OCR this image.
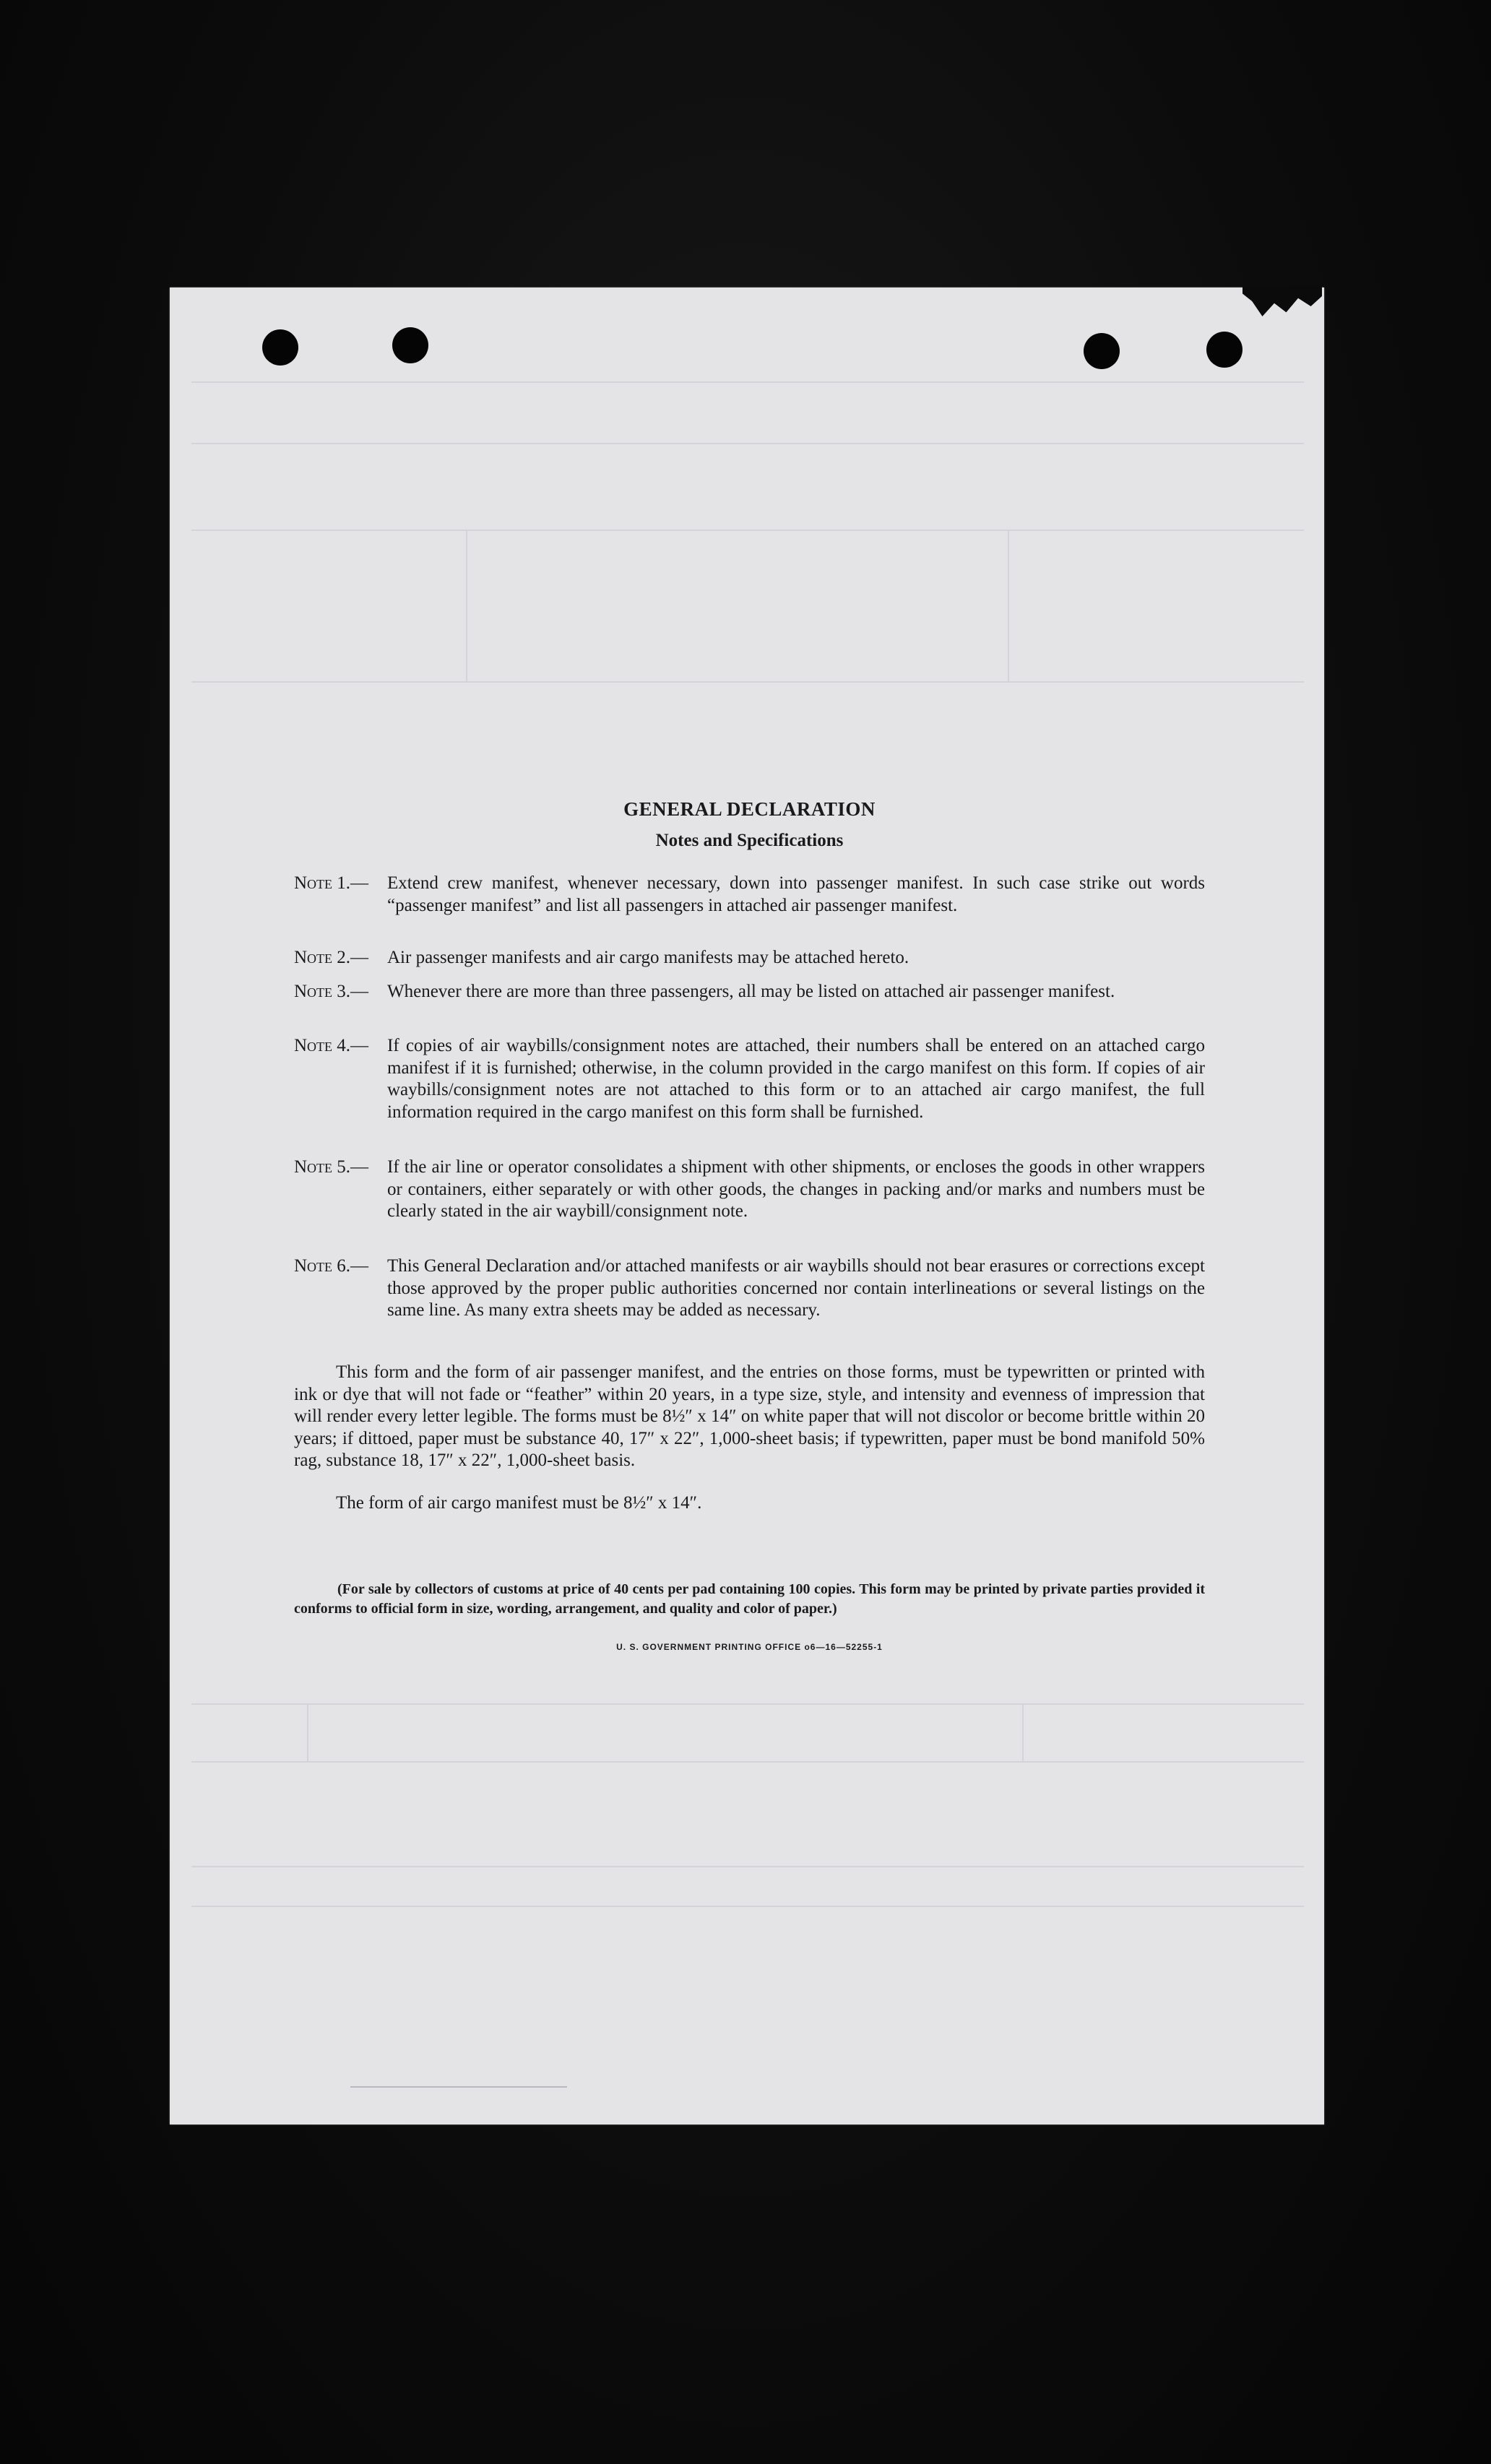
GENERAL DECLARATION
Notes and Specifications
Note 1.—	Extend crew manifest, whenever necessary, down into passenger manifest. In such case strike out words “passenger manifest” and list all passengers in attached air passenger manifest.
Note 2.—	Air passenger manifests and air cargo manifests may be attached hereto.
Note 3.—	Whenever there are more than three passengers, all may be listed on attached air passenger manifest.
Note 4.—	If copies of air waybills/consignment notes are attached, their numbers shall be entered on an attached cargo manifest if it is furnished; otherwise, in the column provided in the cargo manifest on this form. If copies of air waybills/consignment notes are not attached to this form or to an attached air cargo manifest, the full information required in the cargo manifest on this form shall be furnished.
Note 5.—	If the air line or operator consolidates a shipment with other shipments, or encloses the goods in other wrappers or containers, either separately or with other goods, the changes in packing and/or marks and numbers must be clearly stated in the air waybill/consignment note.
Note 6.—	This General Declaration and/or attached manifests or air waybills should not bear erasures or corrections except those approved by the proper public authorities concerned nor contain interlineations or several listings on the same line. As many extra sheets may be added as necessary.
This form and the form of air passenger manifest, and the entries on those forms, must be typewritten or printed with ink or dye that will not fade or “feather” within 20 years, in a type size, style, and intensity and evenness of impression that will render every letter legible. The forms must be 8½″ x 14″ on white paper that will not discolor or become brittle within 20 years; if dittoed, paper must be substance 40, 17″ x 22″, 1,000-sheet basis; if typewritten, paper must be bond manifold 50% rag, substance 18, 17″ x 22″, 1,000-sheet basis.
The form of air cargo manifest must be 8½″ x 14″.
(For sale by collectors of customs at price of 40 cents per pad containing 100 copies. This form may be printed by private parties provided it conforms to official form in size, wording, arrangement, and quality and color of paper.)
U. S. GOVERNMENT PRINTING OFFICE o6—16—52255-1
